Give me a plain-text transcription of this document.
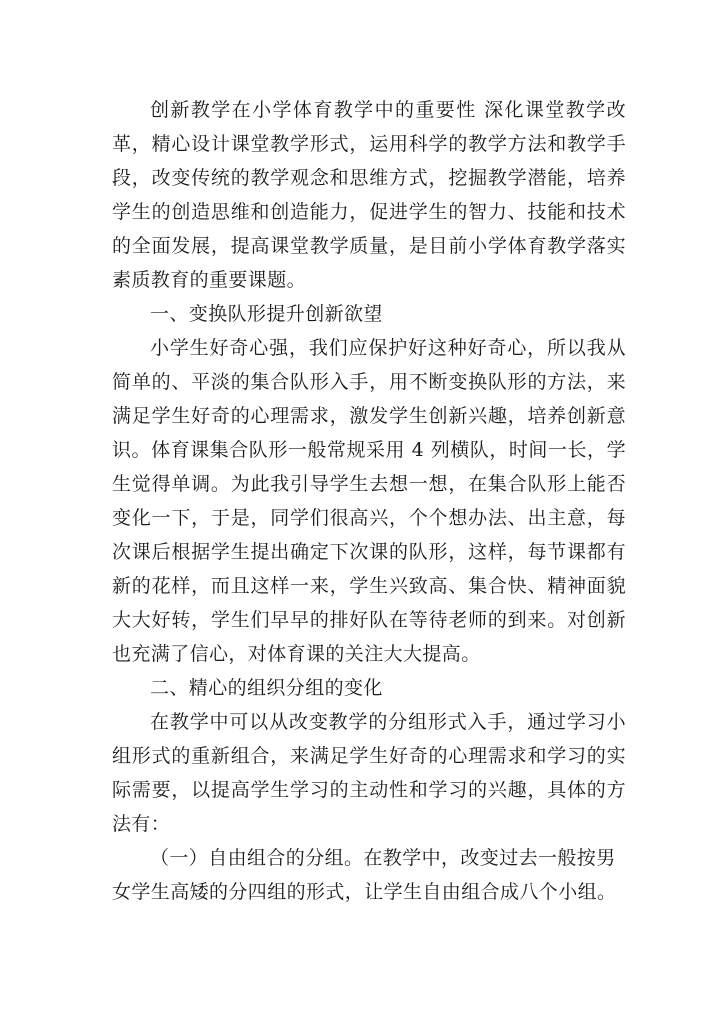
创新教学在小学体育教学中的重要性 深化课堂教学改革，精心设计课堂教学形式，运用科学的教学方法和教学手段，改变传统的教学观念和思维方式，挖掘教学潜能，培养学生的创造思维和创造能力，促进学生的智力、技能和技术的全面发展，提高课堂教学质量，是目前小学体育教学落实素质教育的重要课题。

一、变换队形提升创新欲望

小学生好奇心强，我们应保护好这种好奇心，所以我从简单的、平淡的集合队形入手，用不断变换队形的方法，来满足学生好奇的心理需求，激发学生创新兴趣，培养创新意识。体育课集合队形一般常规采用 4 列横队，时间一长，学生觉得单调。为此我引导学生去想一想，在集合队形上能否变化一下，于是，同学们很高兴，个个想办法、出主意，每次课后根据学生提出确定下次课的队形，这样，每节课都有新的花样，而且这样一来，学生兴致高、集合快、精神面貌大大好转，学生们早早的排好队在等待老师的到来。对创新也充满了信心，对体育课的关注大大提高。

二、精心的组织分组的变化

在教学中可以从改变教学的分组形式入手，通过学习小组形式的重新组合，来满足学生好奇的心理需求和学习的实际需要，以提高学生学习的主动性和学习的兴趣，具体的方法有：

（一）自由组合的分组。在教学中，改变过去一般按男女学生高矮的分四组的形式，让学生自由组合成八个小组。
